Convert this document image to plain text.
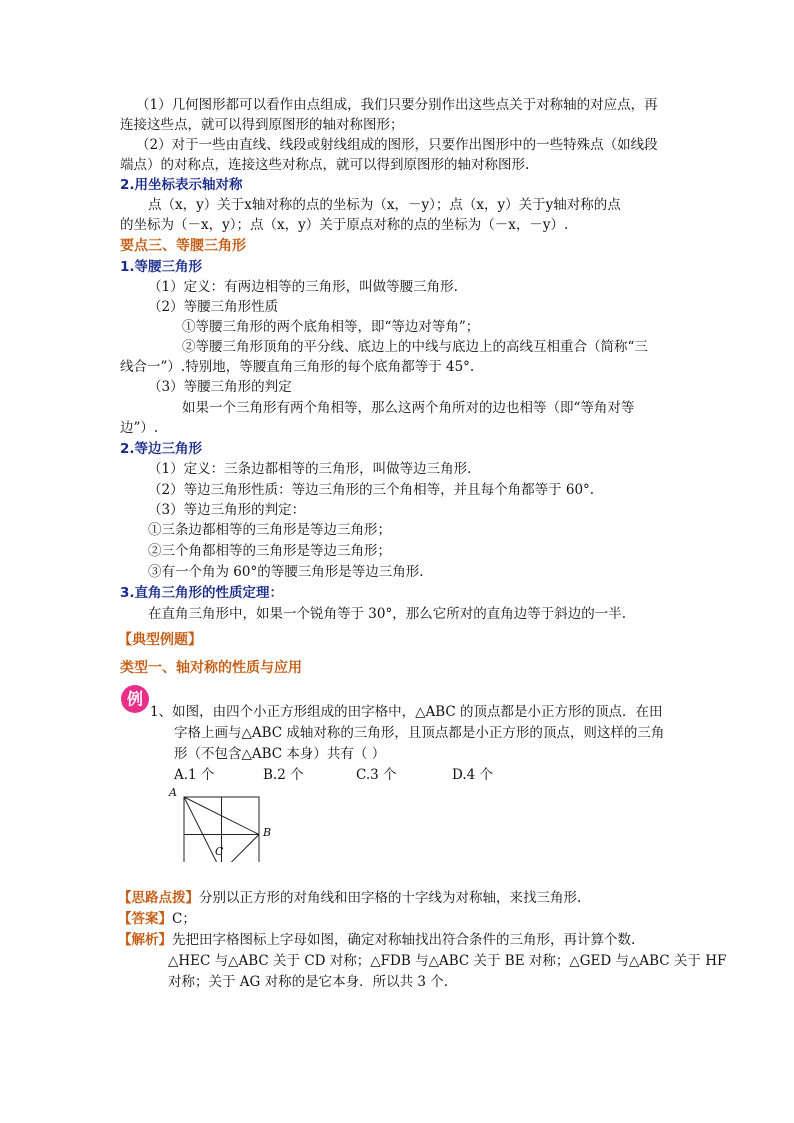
（1）几何图形都可以看作由点组成，我们只要分别作出这些点关于对称轴的对应点，再
连接这些点，就可以得到原图形的轴对称图形；
（2）对于一些由直线、线段或射线组成的图形，只要作出图形中的一些特殊点（如线段
端点）的对称点，连接这些对称点，就可以得到原图形的轴对称图形.
2.用坐标表示轴对称
点（x，y）关于x轴对称的点的坐标为（x，－y）；点（x，y）关于y轴对称的点
的坐标为（－x，y）；点（x，y）关于原点对称的点的坐标为（－x，－y）.
要点三、等腰三角形
1.等腰三角形
（1）定义：有两边相等的三角形，叫做等腰三角形.
（2）等腰三角形性质
①等腰三角形的两个底角相等，即“等边对等角”；
②等腰三角形顶角的平分线、底边上的中线与底边上的高线互相重合（简称“三
线合一”）.特别地，等腰直角三角形的每个底角都等于 45°.
（3）等腰三角形的判定
如果一个三角形有两个角相等，那么这两个角所对的边也相等（即“等角对等
边”）.
2.等边三角形
（1）定义：三条边都相等的三角形，叫做等边三角形.
（2）等边三角形性质：等边三角形的三个角相等，并且每个角都等于 60°.
（3）等边三角形的判定：
①三条边都相等的三角形是等边三角形；
②三个角都相等的三角形是等边三角形；
③有一个角为 60°的等腰三角形是等边三角形.
3.直角三角形的性质定理：
在直角三角形中，如果一个锐角等于 30°，那么它所对的直角边等于斜边的一半.
【典型例题】
类型一、轴对称的性质与应用
例
1、如图，由四个小正方形组成的田字格中，△ABC 的顶点都是小正方形的顶点．在田
字格上画与△ABC 成轴对称的三角形，且顶点都是小正方形的顶点，则这样的三角
形（不包含△ABC 本身）共有（ ）
A.1 个	B.2 个	C.3 个	D.4 个
A
B
C
【思路点拨】分别以正方形的对角线和田字格的十字线为对称轴，来找三角形.
【答案】C；
【解析】先把田字格图标上字母如图，确定对称轴找出符合条件的三角形，再计算个数.
△HEC 与△ABC 关于 CD 对称；△FDB 与△ABC 关于 BE 对称；△GED 与△ABC 关于 HF
对称；关于 AG 对称的是它本身．所以共 3 个.
